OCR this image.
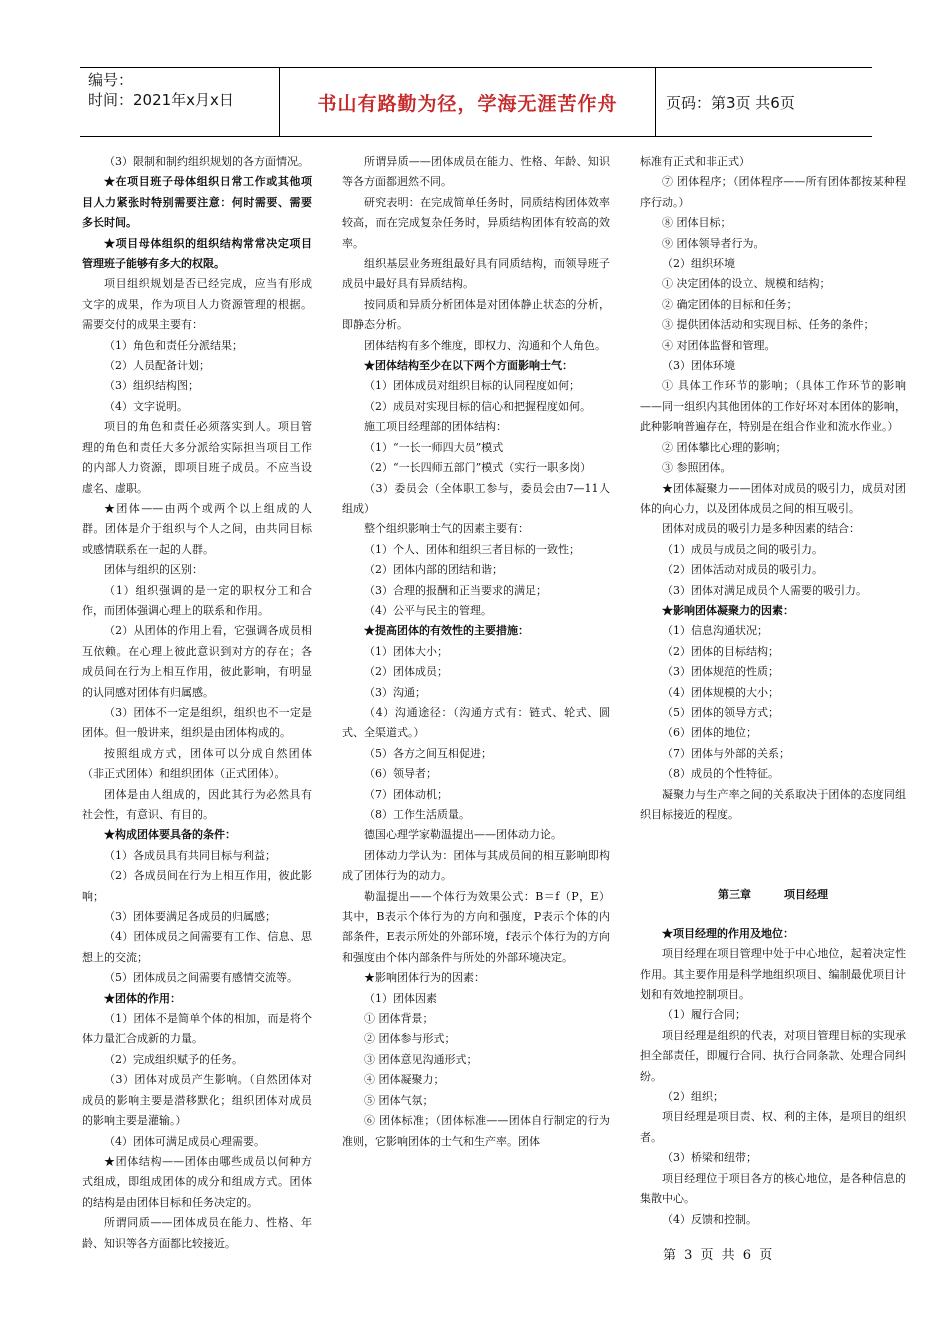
编号：
时间：2021年x月x日	书山有路勤为径，学海无涯苦作舟	页码：第3页 共6页

（3）限制和制约组织规划的各方面情况。

★在项目班子母体组织日常工作或其他项目人力紧张时特别需要注意：何时需要、需要多长时间。

★项目母体组织的组织结构常常决定项目管理班子能够有多大的权限。

项目组织规划是否已经完成，应当有形成文字的成果，作为项目人力资源管理的根据。需要交付的成果主要有：

（1）角色和责任分派结果；

（2）人员配备计划；

（3）组织结构图；

（4）文字说明。

项目的角色和责任必须落实到人。项目管理的角色和责任大多分派给实际担当项目工作的内部人力资源，即项目班子成员。不应当设虚名、虚职。

★团体——由两个或两个以上组成的人群。团体是介于组织与个人之间，由共同目标或感情联系在一起的人群。

团体与组织的区别：

（1）组织强调的是一定的职权分工和合作，而团体强调心理上的联系和作用。

（2）从团体的作用上看，它强调各成员相互依赖。在心理上彼此意识到对方的存在；各成员间在行为上相互作用，彼此影响，有明显的认同感对团体有归属感。

（3）团体不一定是组织，组织也不一定是团体。但一般讲来，组织是由团体构成的。

按照组成方式，团体可以分成自然团体（非正式团体）和组织团体（正式团体）。

团体是由人组成的，因此其行为必然具有社会性，有意识、有目的。

★构成团体要具备的条件：

（1）各成员具有共同目标与利益；

（2）各成员间在行为上相互作用，彼此影响；

（3）团体要满足各成员的归属感；

（4）团体成员之间需要有工作、信息、思想上的交流；

（5）团体成员之间需要有感情交流等。

★团体的作用：

（1）团体不是简单个体的相加，而是将个体力量汇合成新的力量。

（2）完成组织赋予的任务。

（3）团体对成员产生影响。（自然团体对成员的影响主要是潜移默化；组织团体对成员的影响主要是灌输。）

（4）团体可满足成员心理需要。

★团体结构——团体由哪些成员以何种方式组成，即组成团体的成分和组成方式。团体的结构是由团体目标和任务决定的。

所谓同质——团体成员在能力、性格、年龄、知识等各方面都比较接近。

所谓异质——团体成员在能力、性格、年龄、知识等各方面都迥然不同。

研究表明：在完成简单任务时，同质结构团体效率较高，而在完成复杂任务时，异质结构团体有较高的效率。

组织基层业务班组最好具有同质结构，而领导班子成员中最好具有异质结构。

按同质和异质分析团体是对团体静止状态的分析，即静态分析。

团体结构有多个维度，即权力、沟通和个人角色。

★团体结构至少在以下两个方面影响士气：

（1）团体成员对组织目标的认同程度如何；

（2）成员对实现目标的信心和把握程度如何。

施工项目经理部的团体结构：

（1）“一长一师四大员”模式

（2）“一长四师五部门”模式（实行一职多岗）

（3）委员会（全体职工参与，委员会由7—11人组成）

整个组织影响士气的因素主要有：

（1）个人、团体和组织三者目标的一致性；

（2）团体内部的团结和谐；

（3）合理的报酬和正当要求的满足；

（4）公平与民主的管理。

★提高团体的有效性的主要措施：

（1）团体大小；

（2）团体成员；

（3）沟通；

（4）沟通途径：（沟通方式有：链式、轮式、圆式、全渠道式。）

（5）各方之间互相促进；

（6）领导者；

（7）团体动机；

（8）工作生活质量。

德国心理学家勒温提出——团体动力论。

团体动力学认为：团体与其成员间的相互影响即构成了团体行为的动力。

勒温提出——个体行为效果公式：B＝f（P，E）其中，B表示个体行为的方向和强度，P表示个体的内部条件，E表示所处的外部环境，f表示个体行为的方向和强度由个体内部条件与所处的外部环境决定。

★影响团体行为的因素：

（1）团体因素

① 团体背景；

② 团体参与形式；

③ 团体意见沟通形式；

④ 团体凝聚力；

⑤ 团体气氛；

⑥ 团体标准；（团体标准——团体自行制定的行为准则，它影响团体的士气和生产率。团体

标准有正式和非正式）

⑦ 团体程序；（团体程序——所有团体都按某种程序行动。）

⑧ 团体目标；

⑨ 团体领导者行为。

（2）组织环境

① 决定团体的设立、规模和结构；

② 确定团体的目标和任务；

③ 提供团体活动和实现目标、任务的条件；

④ 对团体监督和管理。

（3）团体环境

① 具体工作环节的影响；（具体工作环节的影响——同一组织内其他团体的工作好坏对本团体的影响，此种影响普遍存在，特别是在组合作业和流水作业。）

② 团体攀比心理的影响；

③ 参照团体。

★团体凝聚力——团体对成员的吸引力，成员对团体的向心力，以及团体成员之间的相互吸引。

团体对成员的吸引力是多种因素的结合：

（1）成员与成员之间的吸引力。

（2）团体活动对成员的吸引力。

（3）团体对满足成员个人需要的吸引力。

★影响团体凝聚力的因素：

（1）信息沟通状况；

（2）团体的目标结构；

（3）团体规范的性质；

（4）团体规模的大小；

（5）团体的领导方式；

（6）团体的地位；

（7）团体与外部的关系；

（8）成员的个性特征。

凝聚力与生产率之间的关系取决于团体的态度同组织目标接近的程度。

第三章　　　项目经理

★项目经理的作用及地位：

项目经理在项目管理中处于中心地位，起着决定性作用。其主要作用是科学地组织项目、编制最优项目计划和有效地控制项目。

（1）履行合同；

项目经理是组织的代表，对项目管理目标的实现承担全部责任，即履行合同、执行合同条款、处理合同纠纷。

（2）组织；

项目经理是项目责、权、利的主体，是项目的组织者。

（3）桥梁和纽带；

项目经理位于项目各方的核心地位，是各种信息的集散中心。

（4）反馈和控制。

第 3 页 共 6 页
